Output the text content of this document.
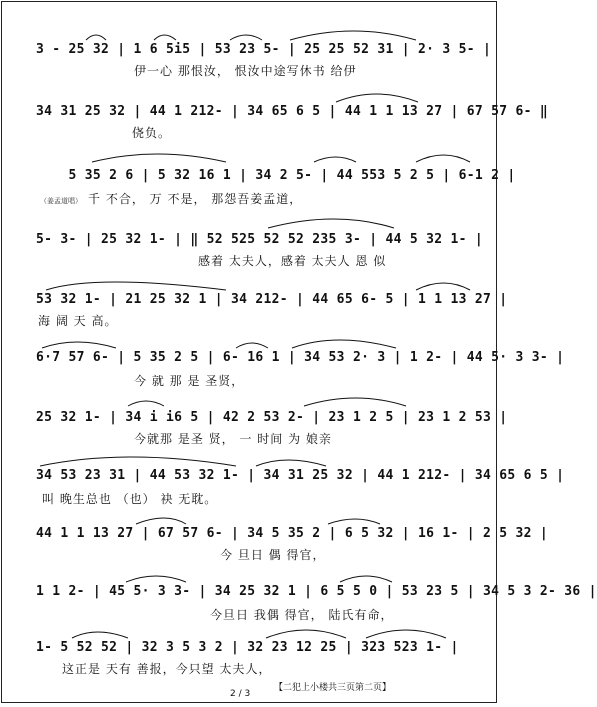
3 - 25 32 | 1 6 5i5 | 53 23 5- | 25 25 52 31 | 2· 3 5- |
伊一心 那恨汝， 恨汝中途写休书 给伊
34 31 25 32 | 44 1 212- | 34 65 6 5 | 44 1 1 13 27 | 67 57 6- ‖
侥负。
5 35 2 6 | 5 32 16 1 | 34 2 5- | 44 553 5 2 5 | 6-1 2 |
（姜孟道唱） 千 不合， 万 不是， 那怨吾姜孟道，
5- 3- | 25 32 1- | ‖ 52 525 52 52 235 3- | 44 5 32 1- |
感着 太夫人，感着 太夫人 恩 似
53 32 1- | 21 25 32 1 | 34 212- | 44 65 6- 5 | 1 1 13 27 |
海 阔 天 高。
6·7 57 6- | 5 35 2 5 | 6- 16 1 | 34 53 2· 3 | 1 2- | 44 5· 3 3- |
今 就 那 是 圣贤，
25 32 1- | 34 i i6 5 | 42 2 53 2- | 23 1 2 5 | 23 1 2 53 |
今就那 是圣 贤， 一 时间 为 娘亲
34 53 23 31 | 44 53 32 1- | 34 31 25 32 | 44 1 212- | 34 65 6 5 |
叫 晚生总也 （也） 袂 无耽。
44 1 1 13 27 | 67 57 6- | 34 5 35 2 | 6 5 32 | 16 1- | 2 5 32 |
今 旦日 偶 得官，
1 1 2- | 45 5· 3 3- | 34 25 32 1 | 6 5 5 0 | 53 23 5 | 34 5 3 2- 36 |
今旦日 我偶 得官， 陆氏有命，
1- 5 52 52 | 32 3 5 3 2 | 32 23 12 25 | 323 523 1- |
这正是 天有 善报，今只望 太夫人，
【二犯上小楼共三页第二页】
2 / 3
